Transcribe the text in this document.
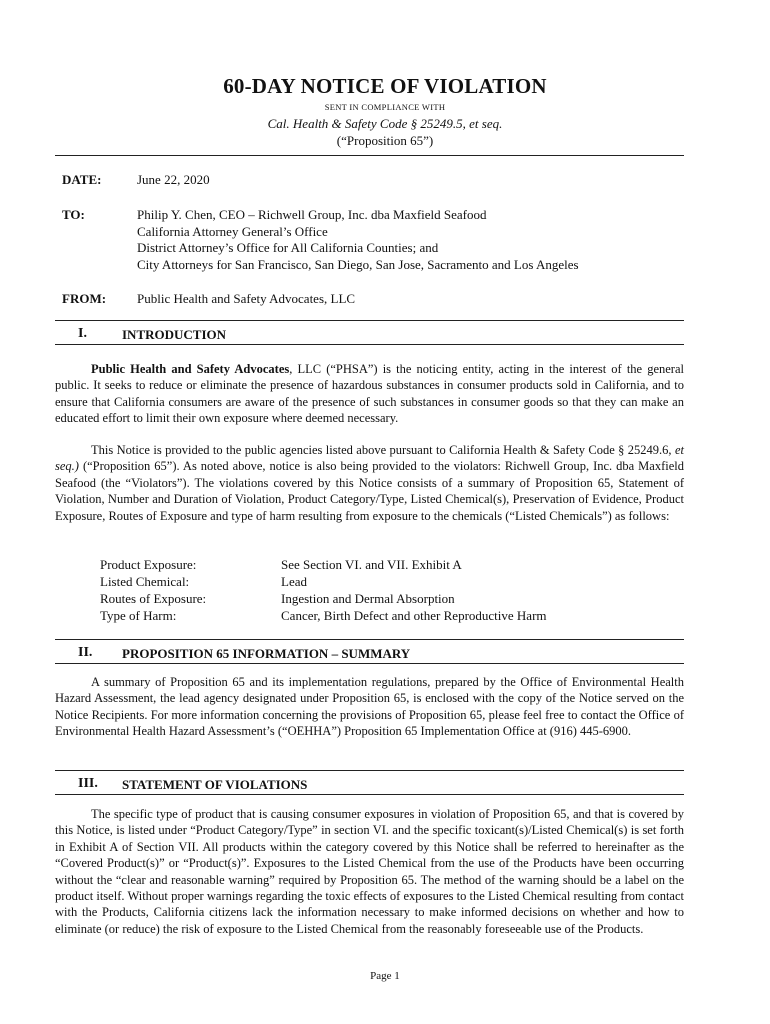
60-DAY NOTICE OF VIOLATION
SENT IN COMPLIANCE WITH
Cal. Health & Safety Code § 25249.5, et seq.
(“Proposition 65”)
DATE:	June 22, 2020
TO:	Philip Y. Chen, CEO – Richwell Group, Inc. dba Maxfield Seafood
California Attorney General’s Office
District Attorney’s Office for All California Counties; and
City Attorneys for San Francisco, San Diego, San Jose, Sacramento and Los Angeles
FROM: Public Health and Safety Advocates, LLC
I.	INTRODUCTION

Public Health and Safety Advocates, LLC (“PHSA”) is the noticing entity, acting in the interest of the general public. It seeks to reduce or eliminate the presence of hazardous substances in consumer products sold in California, and to ensure that California consumers are aware of the presence of such substances in consumer goods so that they can make an educated effort to limit their own exposure where deemed necessary.

This Notice is provided to the public agencies listed above pursuant to California Health & Safety Code § 25249.6, et seq.) (“Proposition 65”). As noted above, notice is also being provided to the violators: Richwell Group, Inc. dba Maxfield Seafood (the “Violators”). The violations covered by this Notice consists of a summary of Proposition 65, Statement of Violation, Number and Duration of Violation, Product Category/Type, Listed Chemical(s), Preservation of Evidence, Product Exposure, Routes of Exposure and type of harm resulting from exposure to the chemicals (“Listed Chemicals”) as follows:

Product Exposure:	See Section VI. and VII. Exhibit A
Listed Chemical:	Lead
Routes of Exposure:	Ingestion and Dermal Absorption
Type of Harm:	Cancer, Birth Defect and other Reproductive Harm
II. PROPOSITION 65 INFORMATION – SUMMARY

A summary of Proposition 65 and its implementation regulations, prepared by the Office of Environmental Health Hazard Assessment, the lead agency designated under Proposition 65, is enclosed with the copy of the Notice served on the Notice Recipients. For more information concerning the provisions of Proposition 65, please feel free to contact the Office of Environmental Health Hazard Assessment’s (“OEHHA”) Proposition 65 Implementation Office at (916) 445-6900.

III. STATEMENT OF VIOLATIONS

The specific type of product that is causing consumer exposures in violation of Proposition 65, and that is covered by this Notice, is listed under “Product Category/Type” in section VI. and the specific toxicant(s)/Listed Chemical(s) is set forth in Exhibit A of Section VII. All products within the category covered by this Notice shall be referred to hereinafter as the “Covered Product(s)” or “Product(s)”. Exposures to the Listed Chemical from the use of the Products have been occurring without the “clear and reasonable warning” required by Proposition 65. The method of the warning should be a label on the product itself. Without proper warnings regarding the toxic effects of exposures to the Listed Chemical resulting from contact with the Products, California citizens lack the information necessary to make informed decisions on whether and how to eliminate (or reduce) the risk of exposure to the Listed Chemical from the reasonably foreseeable use of the Products.

Page 1
